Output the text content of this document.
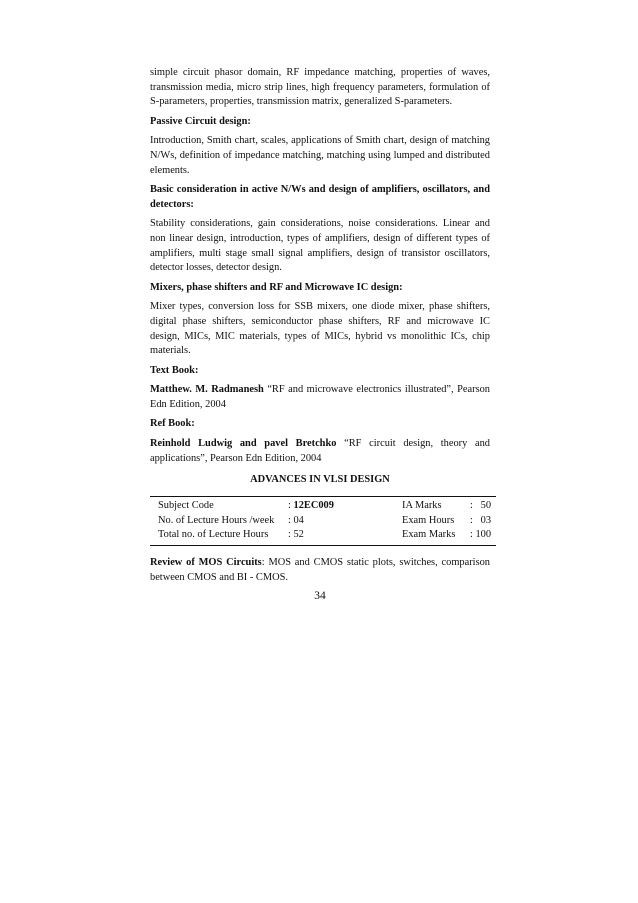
simple circuit phasor domain, RF impedance matching, properties of waves, transmission media, micro strip lines, high frequency parameters, formulation of S-parameters, properties, transmission matrix, generalized S-parameters.

Passive Circuit design:

Introduction, Smith chart, scales, applications of Smith chart, design of matching N/Ws, definition of impedance matching, matching using lumped and distributed elements.

Basic consideration in active N/Ws and design of amplifiers, oscillators, and detectors:

Stability considerations, gain considerations, noise considerations. Linear and non linear design, introduction, types of amplifiers, design of different types of amplifiers, multi stage small signal amplifiers, design of transistor oscillators, detector losses, detector design.

Mixers, phase shifters and RF and Microwave IC design:

Mixer types, conversion loss for SSB mixers, one diode mixer, phase shifters, digital phase shifters, semiconductor phase shifters, RF and microwave IC design, MICs, MIC materials, types of MICs, hybrid vs monolithic ICs, chip materials.

Text Book:

Matthew. M. Radmanesh “RF and microwave electronics illustrated”, Pearson Edn Edition, 2004

Ref Book:

Reinhold Ludwig and pavel Bretchko “RF circuit design, theory and applications”, Pearson Edn Edition, 2004

ADVANCES IN VLSI DESIGN
Subject Code	: 12EC009	IA Marks	:   50
No. of Lecture Hours /week : 04	Exam Hours :   03
Total no. of Lecture Hours : 52	Exam Marks : 100

Review of MOS Circuits: MOS and CMOS static plots, switches, comparison between CMOS and BI - CMOS.

34
